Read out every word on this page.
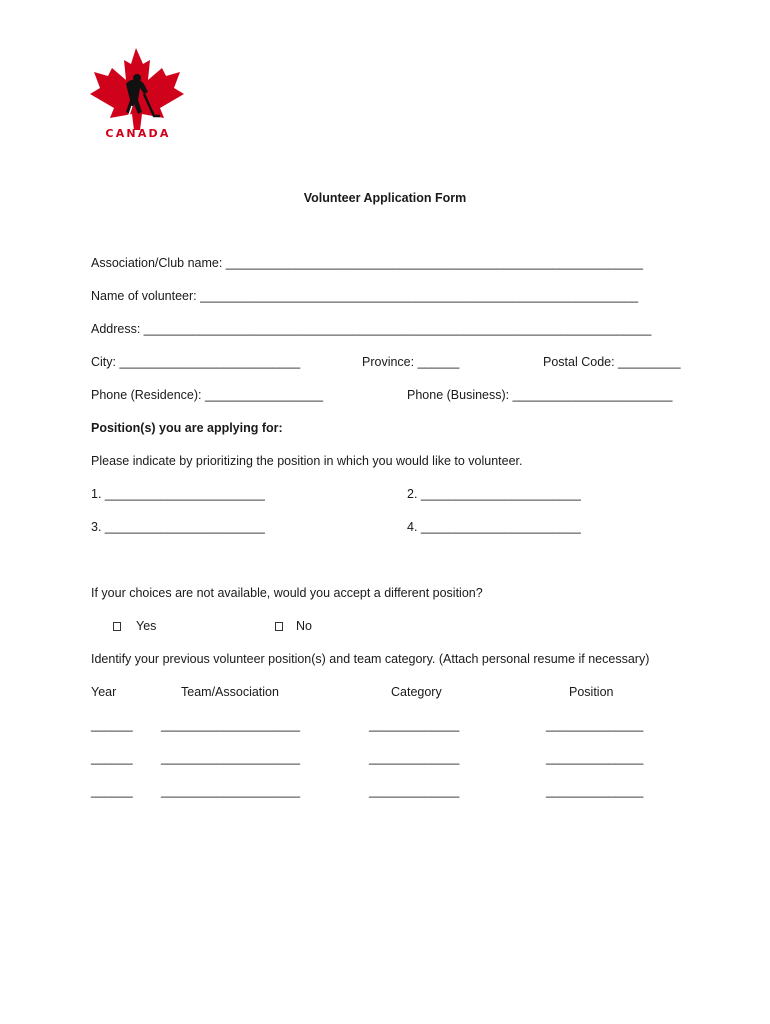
CANADA
Volunteer Application Form
Association/Club name: ____________________________________________________________
Name of volunteer: _______________________________________________________________
Address: _________________________________________________________________________
City: __________________________	Province: ______	Postal Code: _________
Phone (Residence): _________________	Phone (Business): _______________________
Position(s) you are applying for:
Please indicate by prioritizing the position in which you would like to volunteer.
1. _______________________	2. _______________________
3. _______________________	4. _______________________
If your choices are not available, would you accept a different position?
Yes	No
Identify your previous volunteer position(s) and team category. (Attach personal resume if necessary)
Year	Team/Association	Category	Position
______ ____________________	_____________	______________
______ ____________________	_____________	______________
______ ____________________	_____________	______________
